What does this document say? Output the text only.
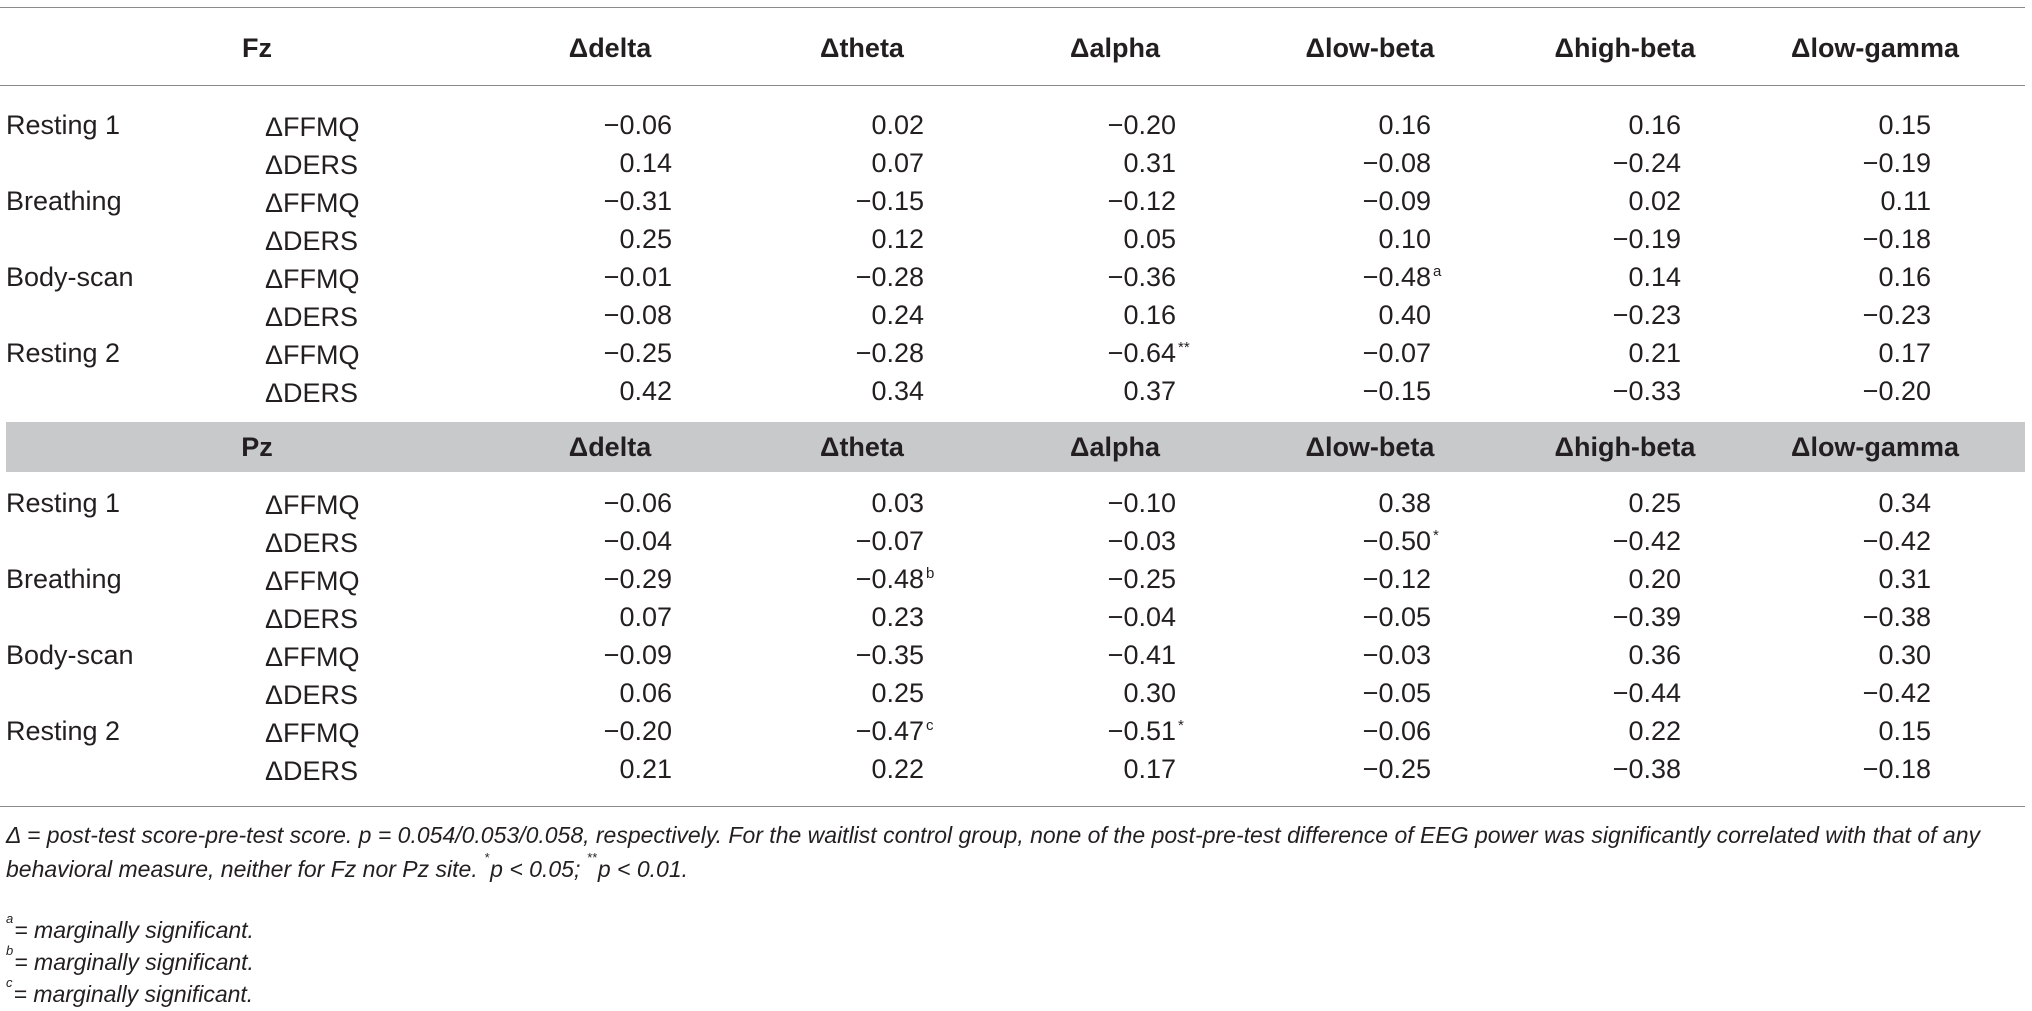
Fz	Δdelta	Δtheta	Δalpha	Δlow-beta	Δhigh-beta	Δlow-gamma
Resting 1	ΔFFMQ	−0.06	0.02	−0.20	0.16	0.16	0.15
ΔDERS	0.14	0.07	0.31	−0.08	−0.24	−0.19
Breathing	ΔFFMQ	−0.31	−0.15	−0.12	−0.09	0.02	0.11
ΔDERS	0.25	0.12	0.05	0.10	−0.19	−0.18
Body-scan	ΔFFMQ	−0.01	−0.28	−0.36	−0.48 a	0.14	0.16
ΔDERS	−0.08	0.24	0.16	0.40	−0.23	−0.23
Resting 2	ΔFFMQ	−0.25	−0.28	−0.64 **	−0.07	0.21	0.17
ΔDERS	0.42	0.34	0.37	−0.15	−0.33	−0.20
Pz	Δdelta	Δtheta	Δalpha	Δlow-beta	Δhigh-beta	Δlow-gamma
Resting 1	ΔFFMQ	−0.06	0.03	−0.10	0.38	0.25	0.34
ΔDERS	−0.04	−0.07	−0.03	−0.50 *	−0.42	−0.42
Breathing	ΔFFMQ	−0.29	−0.48 b	−0.25	−0.12	0.20	0.31
ΔDERS	0.07	0.23	−0.04	−0.05	−0.39	−0.38
Body-scan	ΔFFMQ	−0.09	−0.35	−0.41	−0.03	0.36	0.30
ΔDERS	0.06	0.25	0.30	−0.05	−0.44	−0.42
Resting 2	ΔFFMQ	−0.20	−0.47 c	−0.51 *	−0.06	0.22	0.15
ΔDERS	0.21	0.22	0.17	−0.25	−0.38	−0.18
Δ = post-test score-pre-test score. p = 0.054/0.053/0.058, respectively. For the waitlist control group, none of the post-pre-test difference of EEG power was significantly correlated with that of any behavioral measure, neither for Fz nor Pz site. *p < 0.05; **p < 0.01.
$^a$= marginally significant.
$^b$= marginally significant.
$^c$= marginally significant.
